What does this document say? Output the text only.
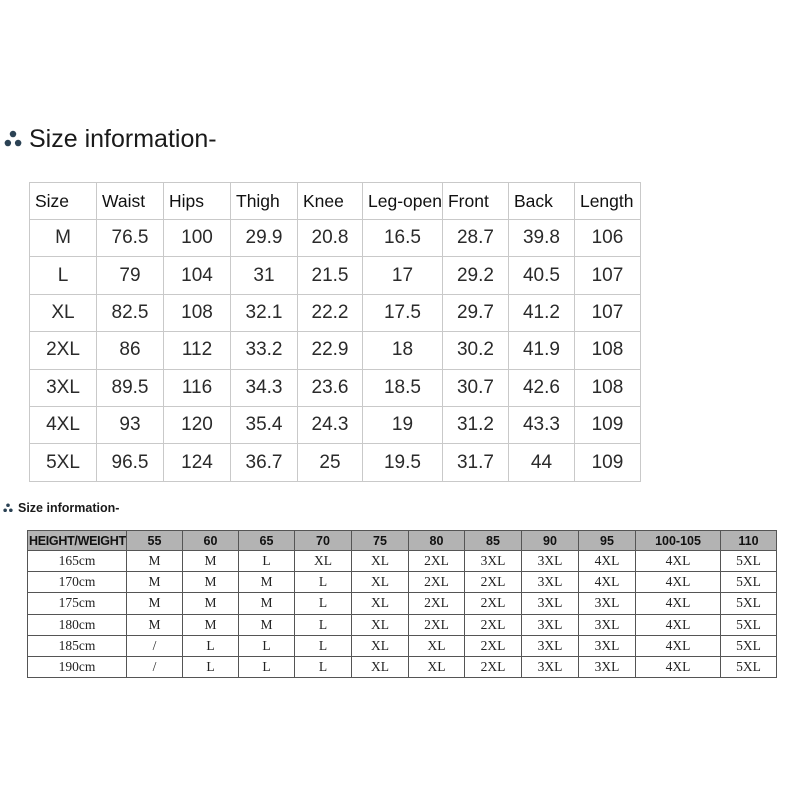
Size information-
Size	Waist	Hips	Thigh	Knee	Leg-open	Front	Back	Length
M	76.5	100	29.9	20.8	16.5	28.7	39.8	106
L	79	104	31	21.5	17	29.2	40.5	107
XL	82.5	108	32.1	22.2	17.5	29.7	41.2	107
2XL	86	112	33.2	22.9	18	30.2	41.9	108
3XL	89.5	116	34.3	23.6	18.5	30.7	42.6	108
4XL	93	120	35.4	24.3	19	31.2	43.3	109
5XL	96.5	124	36.7	25	19.5	31.7	44	109
Size information-
HEIGHT/WEIGHT	55	60	65	70	75	80	85	90	95	100-105	110
165cm	M	M	L	XL	XL	2XL	3XL	3XL	4XL	4XL	5XL
170cm	M	M	M	L	XL	2XL	2XL	3XL	4XL	4XL	5XL
175cm	M	M	M	L	XL	2XL	2XL	3XL	3XL	4XL	5XL
180cm	M	M	M	L	XL	2XL	2XL	3XL	3XL	4XL	5XL
185cm	/	L	L	L	XL	XL	2XL	3XL	3XL	4XL	5XL
190cm	/	L	L	L	XL	XL	2XL	3XL	3XL	4XL	5XL
